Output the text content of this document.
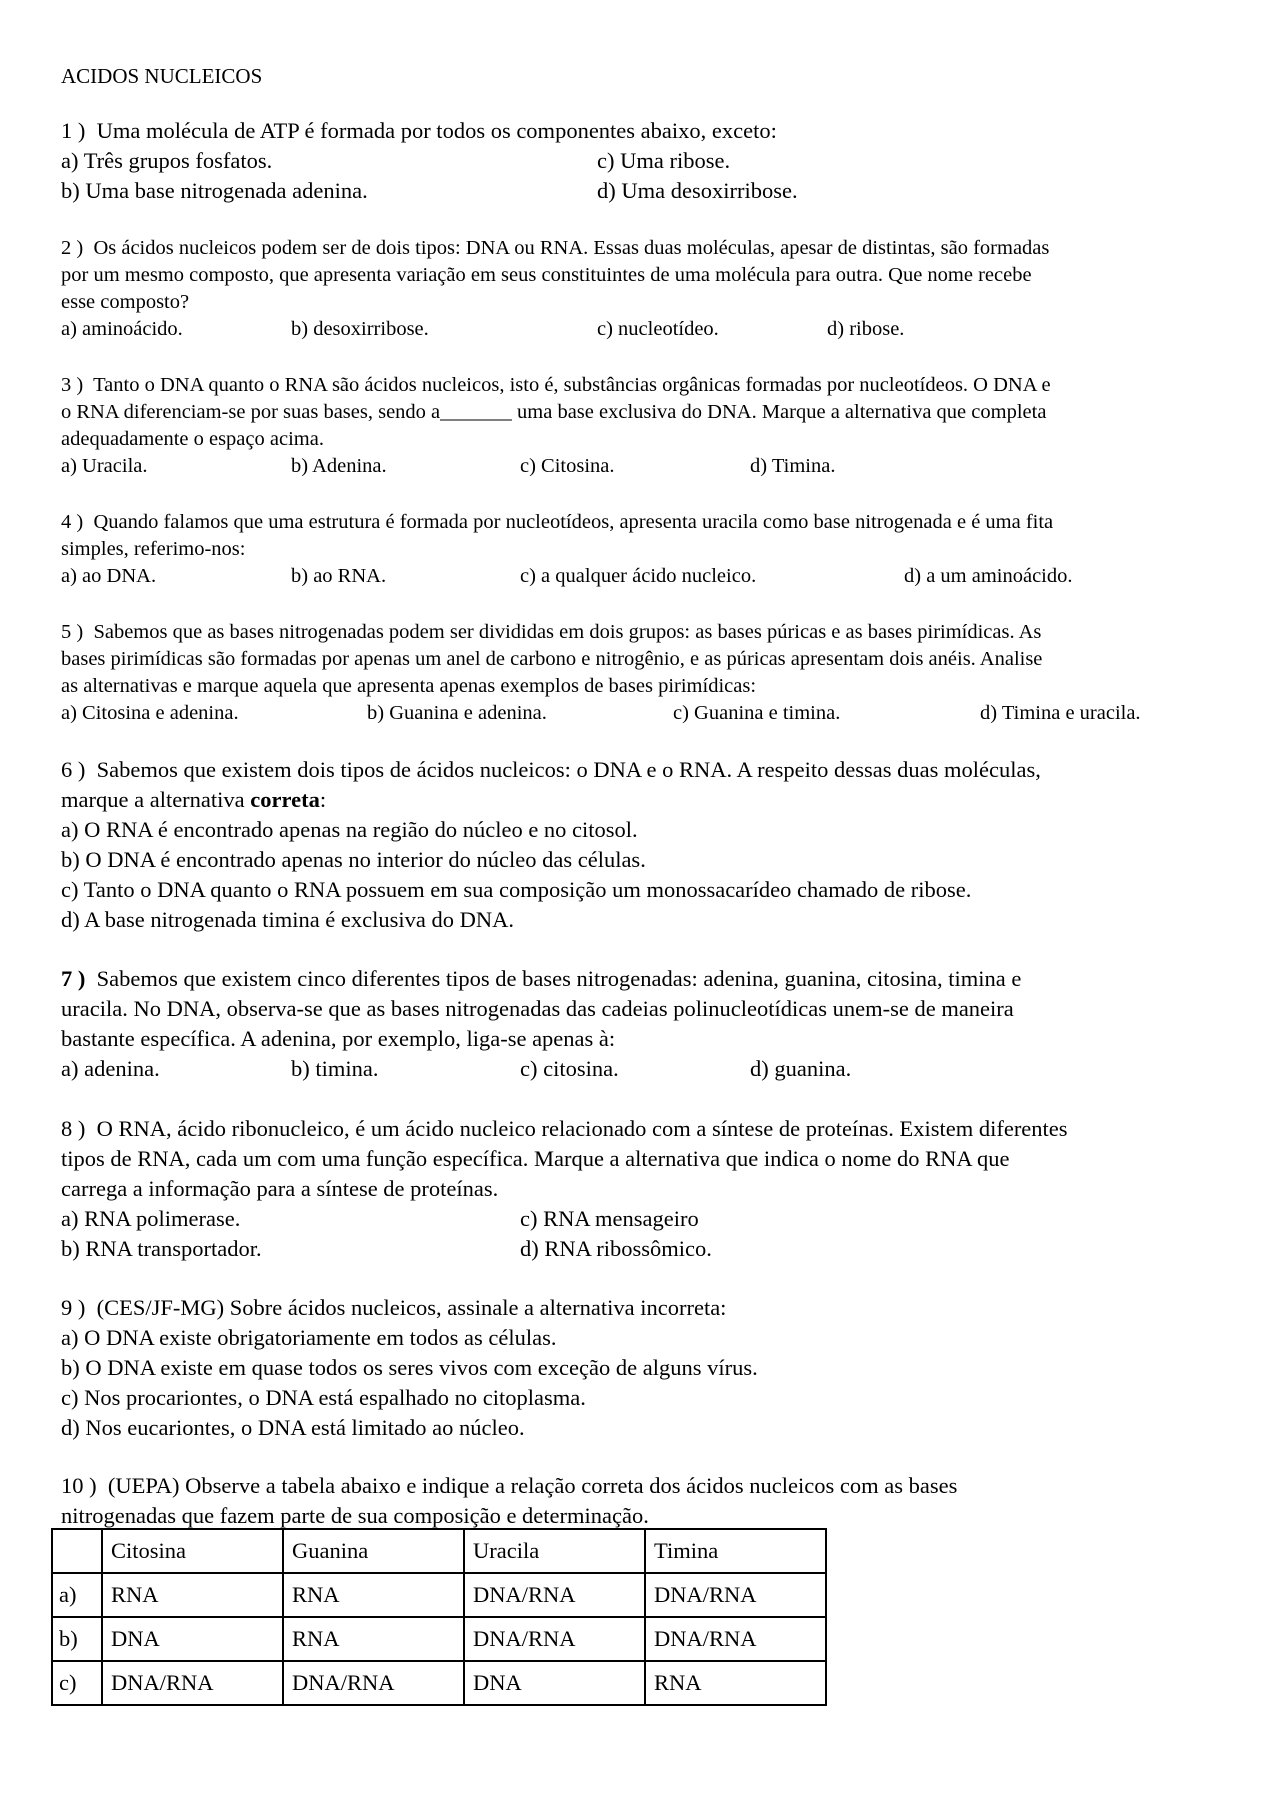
ACIDOS NUCLEICOS

1 ) Uma molécula de ATP é formada por todos os componentes abaixo, exceto:

a) Três grupos fosfatos.	c) Uma ribose.
b) Uma base nitrogenada adenina.	d) Uma desoxirribose.
2 ) Os ácidos nucleicos podem ser de dois tipos: DNA ou RNA. Essas duas moléculas, apesar de distintas, são formadas
por um mesmo composto, que apresenta variação em seus constituintes de uma molécula para outra. Que nome recebe
esse composto?
a) aminoácido.	b) desoxirribose.	c) nucleotídeo.	d) ribose.
3 ) Tanto o DNA quanto o RNA são ácidos nucleicos, isto é, substâncias orgânicas formadas por nucleotídeos. O DNA e
o RNA diferenciam-se por suas bases, sendo a_______ uma base exclusiva do DNA. Marque a alternativa que completa
adequadamente o espaço acima.
a) Uracila.	b) Adenina.	c) Citosina.	d) Timina.
4 ) Quando falamos que uma estrutura é formada por nucleotídeos, apresenta uracila como base nitrogenada e é uma fita
simples, referimo-nos:
a) ao DNA.	b) ao RNA.	c) a qualquer ácido nucleico.	d) a um aminoácido.
5 ) Sabemos que as bases nitrogenadas podem ser divididas em dois grupos: as bases púricas e as bases pirimídicas. As
bases pirimídicas são formadas por apenas um anel de carbono e nitrogênio, e as púricas apresentam dois anéis. Analise
as alternativas e marque aquela que apresenta apenas exemplos de bases pirimídicas:
a) Citosina e adenina.	b) Guanina e adenina.	c) Guanina e timina.	d) Timina e uracila.
6 ) Sabemos que existem dois tipos de ácidos nucleicos: o DNA e o RNA. A respeito dessas duas moléculas,
marque a alternativa correta:
a) O RNA é encontrado apenas na região do núcleo e no citosol.
b) O DNA é encontrado apenas no interior do núcleo das células.
c) Tanto o DNA quanto o RNA possuem em sua composição um monossacarídeo chamado de ribose.
d) A base nitrogenada timina é exclusiva do DNA.
7 ) Sabemos que existem cinco diferentes tipos de bases nitrogenadas: adenina, guanina, citosina, timina e
uracila. No DNA, observa-se que as bases nitrogenadas das cadeias polinucleotídicas unem-se de maneira
bastante específica. A adenina, por exemplo, liga-se apenas à:
a) adenina.	b) timina.	c) citosina.	d) guanina.
8 ) O RNA, ácido ribonucleico, é um ácido nucleico relacionado com a síntese de proteínas. Existem diferentes
tipos de RNA, cada um com uma função específica. Marque a alternativa que indica o nome do RNA que
carrega a informação para a síntese de proteínas.
a) RNA polimerase.	c) RNA mensageiro
b) RNA transportador.	d) RNA ribossômico.
9 ) (CES/JF-MG) Sobre ácidos nucleicos, assinale a alternativa incorreta:
a) O DNA existe obrigatoriamente em todos as células.
b) O DNA existe em quase todos os seres vivos com exceção de alguns vírus.
c) Nos procariontes, o DNA está espalhado no citoplasma.
d) Nos eucariontes, o DNA está limitado ao núcleo.
10 ) (UEPA) Observe a tabela abaixo e indique a relação correta dos ácidos nucleicos com as bases
nitrogenadas que fazem parte de sua composição e determinação.
	Citosina	Guanina	Uracila	Timina
a)	RNA	RNA	DNA/RNA	DNA/RNA
b)	DNA	RNA	DNA/RNA	DNA/RNA
c)	DNA/RNA	DNA/RNA	DNA	RNA
